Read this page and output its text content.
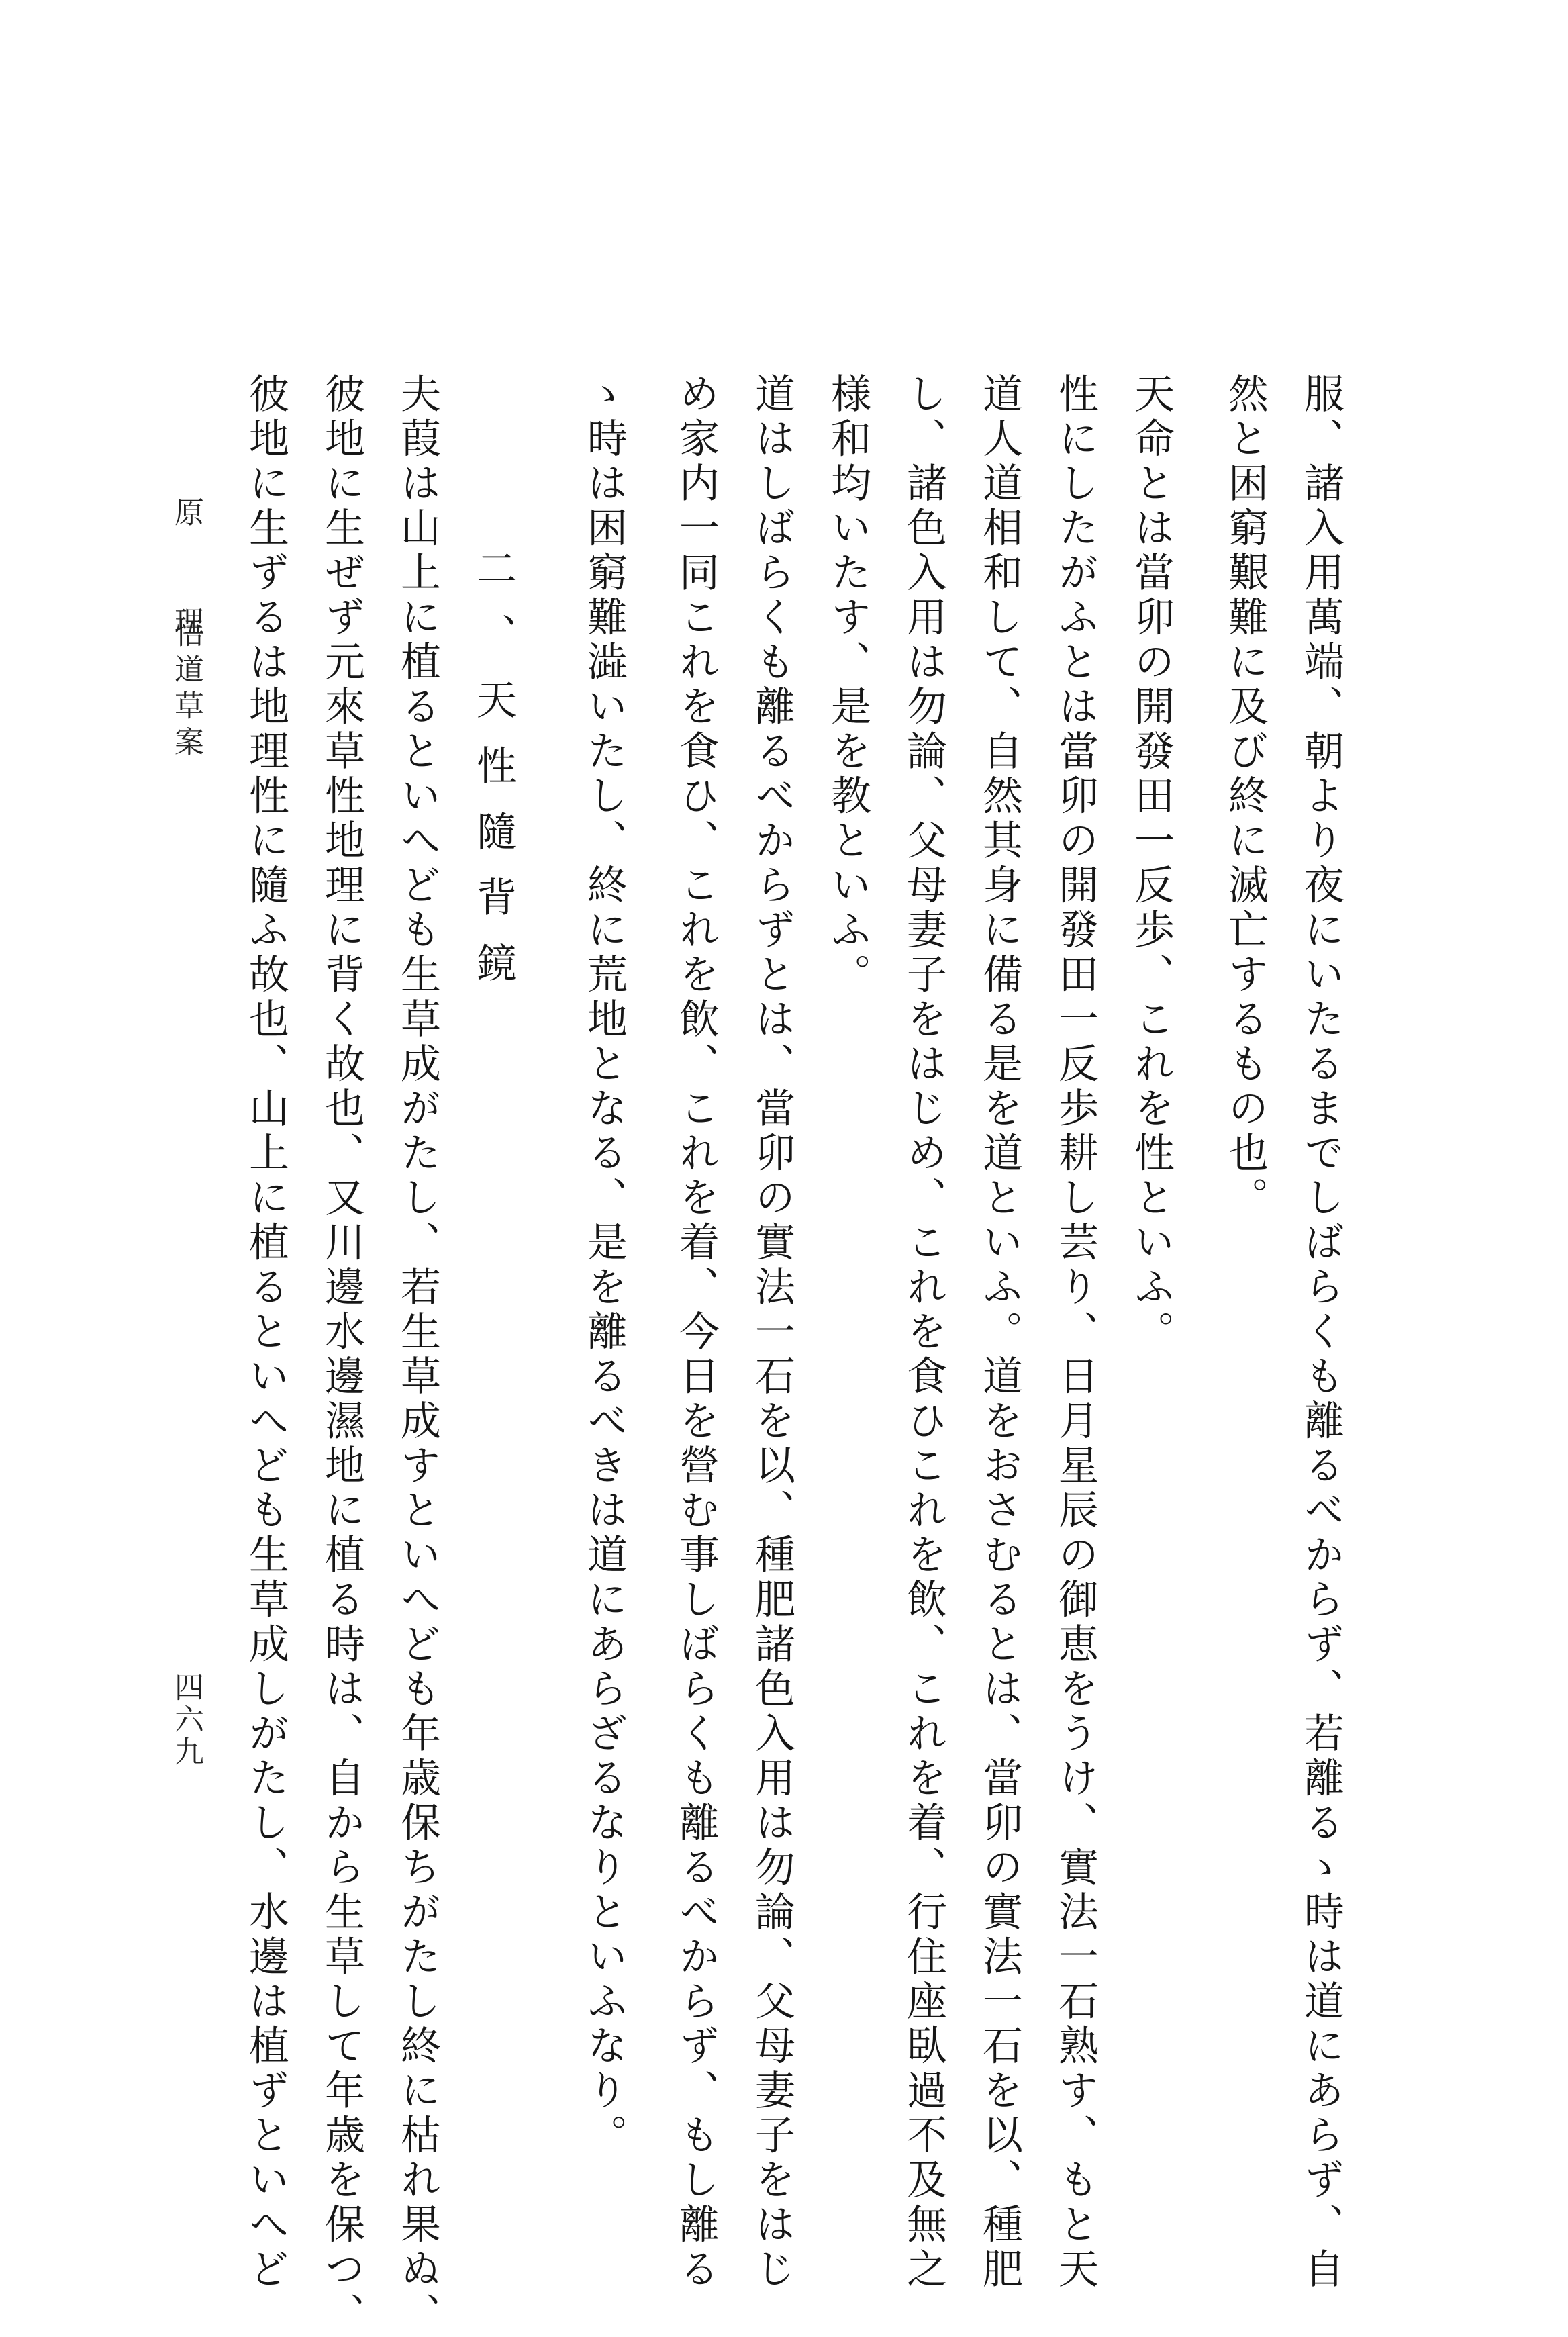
服、諸入用萬端、朝より夜にいたるまでしばらくも離るべからず、若離るゝ時は道にあらず、自
然と困窮艱難に及び終に滅亡するもの也。
天命とは當卯の開發田一反歩、これを性といふ。
性にしたがふとは當卯の開發田一反歩耕し芸り、日月星辰の御恵をうけ、實法一石熟す、もと天
道人道相和して、自然其身に備る是を道といふ。道をおさむるとは、當卯の實法一石を以、種肥
し、諸色入用は勿論、父母妻子をはじめ、これを食ひこれを飲、これを着、行住座臥過不及無之
様和均いたす、是を教といふ。
道はしばらくも離るべからずとは、當卯の實法一石を以、種肥諸色入用は勿論、父母妻子をはじ
め家内一同これを食ひ、これを飲、これを着、今日を營む事しばらくも離るべからず、もし離る
ゝ時は困窮難澁いたし、終に荒地となる、是を離るべきは道にあらざるなりといふなり。
二、天性隨背鏡
夫葭は山上に植るといへども生草成がたし、若生草成すといへども年歳保ちがたし終に枯れ果ぬ、
彼地に生ぜず元來草性地理に背く故也、又川邊水邊濕地に植る時は、自から生草して年歳を保つ、
彼地に生ずるは地理性に隨ふ故也、山上に植るといへども生草成しがたし、水邊は植ずといへど
原 理
悟道草案
四六九
